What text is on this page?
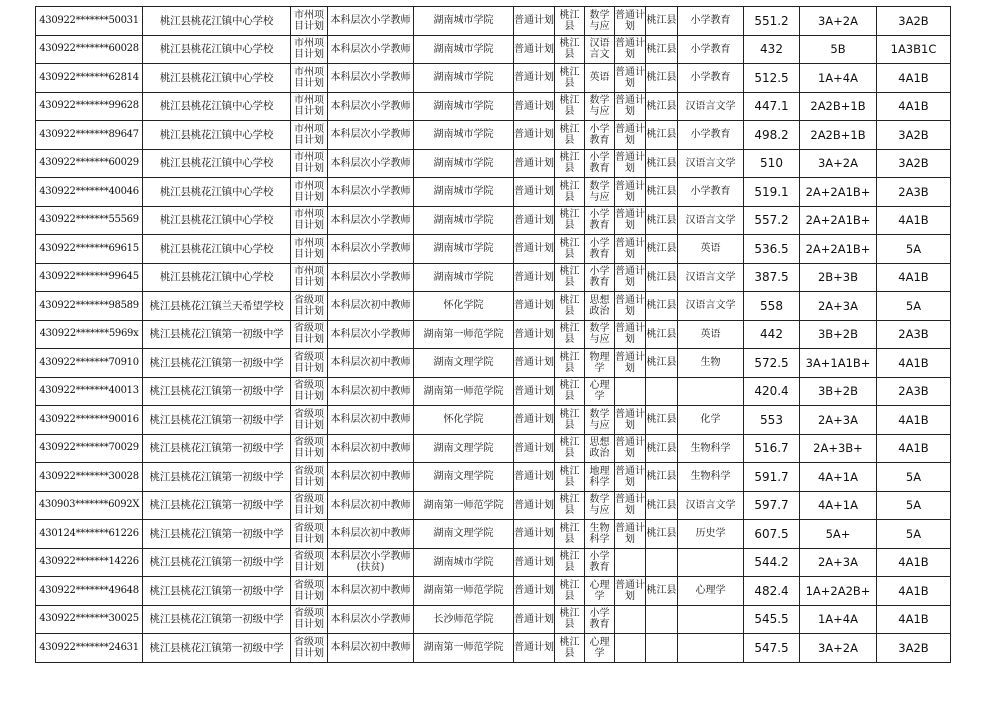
430922*******50031	桃江县桃花江镇中心学校	市州项目计划	本科层次小学教师	湖南城市学院	普通计划	桃江县	数学与应	普通计划	桃江县	小学教育	551.2	3A+2A	3A2B
430922*******60028	桃江县桃花江镇中心学校	市州项目计划	本科层次小学教师	湖南城市学院	普通计划	桃江县	汉语言文	普通计划	桃江县	小学教育	432	5B	1A3B1C
430922*******62814	桃江县桃花江镇中心学校	市州项目计划	本科层次小学教师	湖南城市学院	普通计划	桃江县	英语	普通计划	桃江县	小学教育	512.5	1A+4A	4A1B
430922*******99628	桃江县桃花江镇中心学校	市州项目计划	本科层次小学教师	湖南城市学院	普通计划	桃江县	数学与应	普通计划	桃江县	汉语言文学	447.1	2A2B+1B	4A1B
430922*******89647	桃江县桃花江镇中心学校	市州项目计划	本科层次小学教师	湖南城市学院	普通计划	桃江县	小学教育	普通计划	桃江县	小学教育	498.2	2A2B+1B	3A2B
430922*******60029	桃江县桃花江镇中心学校	市州项目计划	本科层次小学教师	湖南城市学院	普通计划	桃江县	小学教育	普通计划	桃江县	汉语言文学	510	3A+2A	3A2B
430922*******40046	桃江县桃花江镇中心学校	市州项目计划	本科层次小学教师	湖南城市学院	普通计划	桃江县	数学与应	普通计划	桃江县	小学教育	519.1	2A+2A1B+	2A3B
430922*******55569	桃江县桃花江镇中心学校	市州项目计划	本科层次小学教师	湖南城市学院	普通计划	桃江县	小学教育	普通计划	桃江县	汉语言文学	557.2	2A+2A1B+	4A1B
430922*******69615	桃江县桃花江镇中心学校	市州项目计划	本科层次小学教师	湖南城市学院	普通计划	桃江县	小学教育	普通计划	桃江县	英语	536.5	2A+2A1B+	5A
430922*******99645	桃江县桃花江镇中心学校	市州项目计划	本科层次小学教师	湖南城市学院	普通计划	桃江县	小学教育	普通计划	桃江县	汉语言文学	387.5	2B+3B	4A1B
430922*******98589	桃江县桃花江镇兰天希望学校	省级项目计划	本科层次初中教师	怀化学院	普通计划	桃江县	思想政治	普通计划	桃江县	汉语言文学	558	2A+3A	5A
430922*******5969x	桃江县桃花江镇第一初级中学	省级项目计划	本科层次小学教师	湖南第一师范学院	普通计划	桃江县	数学与应	普通计划	桃江县	英语	442	3B+2B	2A3B
430922*******70910	桃江县桃花江镇第一初级中学	省级项目计划	本科层次初中教师	湖南文理学院	普通计划	桃江县	物理学	普通计划	桃江县	生物	572.5	3A+1A1B+	4A1B
430922*******40013	桃江县桃花江镇第一初级中学	省级项目计划	本科层次初中教师	湖南第一师范学院	普通计划	桃江县	心理学				420.4	3B+2B	2A3B
430922*******90016	桃江县桃花江镇第一初级中学	省级项目计划	本科层次初中教师	怀化学院	普通计划	桃江县	数学与应	普通计划	桃江县	化学	553	2A+3A	4A1B
430922*******70029	桃江县桃花江镇第一初级中学	省级项目计划	本科层次初中教师	湖南文理学院	普通计划	桃江县	思想政治	普通计划	桃江县	生物科学	516.7	2A+3B+	4A1B
430922*******30028	桃江县桃花江镇第一初级中学	省级项目计划	本科层次初中教师	湖南文理学院	普通计划	桃江县	地理科学	普通计划	桃江县	生物科学	591.7	4A+1A	5A
430903*******6092X	桃江县桃花江镇第一初级中学	省级项目计划	本科层次初中教师	湖南第一师范学院	普通计划	桃江县	数学与应	普通计划	桃江县	汉语言文学	597.7	4A+1A	5A
430124*******61226	桃江县桃花江镇第一初级中学	省级项目计划	本科层次初中教师	湖南文理学院	普通计划	桃江县	生物科学	普通计划	桃江县	历史学	607.5	5A+	5A
430922*******14226	桃江县桃花江镇第一初级中学	省级项目计划	本科层次小学教师(扶贫)	湖南城市学院	普通计划	桃江县	小学教育				544.2	2A+3A	4A1B
430922*******49648	桃江县桃花江镇第一初级中学	省级项目计划	本科层次初中教师	湖南第一师范学院	普通计划	桃江县	心理学	普通计划	桃江县	心理学	482.4	1A+2A2B+	4A1B
430922*******30025	桃江县桃花江镇第一初级中学	省级项目计划	本科层次小学教师	长沙师范学院	普通计划	桃江县	小学教育				545.5	1A+4A	4A1B
430922*******24631	桃江县桃花江镇第一初级中学	省级项目计划	本科层次初中教师	湖南第一师范学院	普通计划	桃江县	心理学				547.5	3A+2A	3A2B
